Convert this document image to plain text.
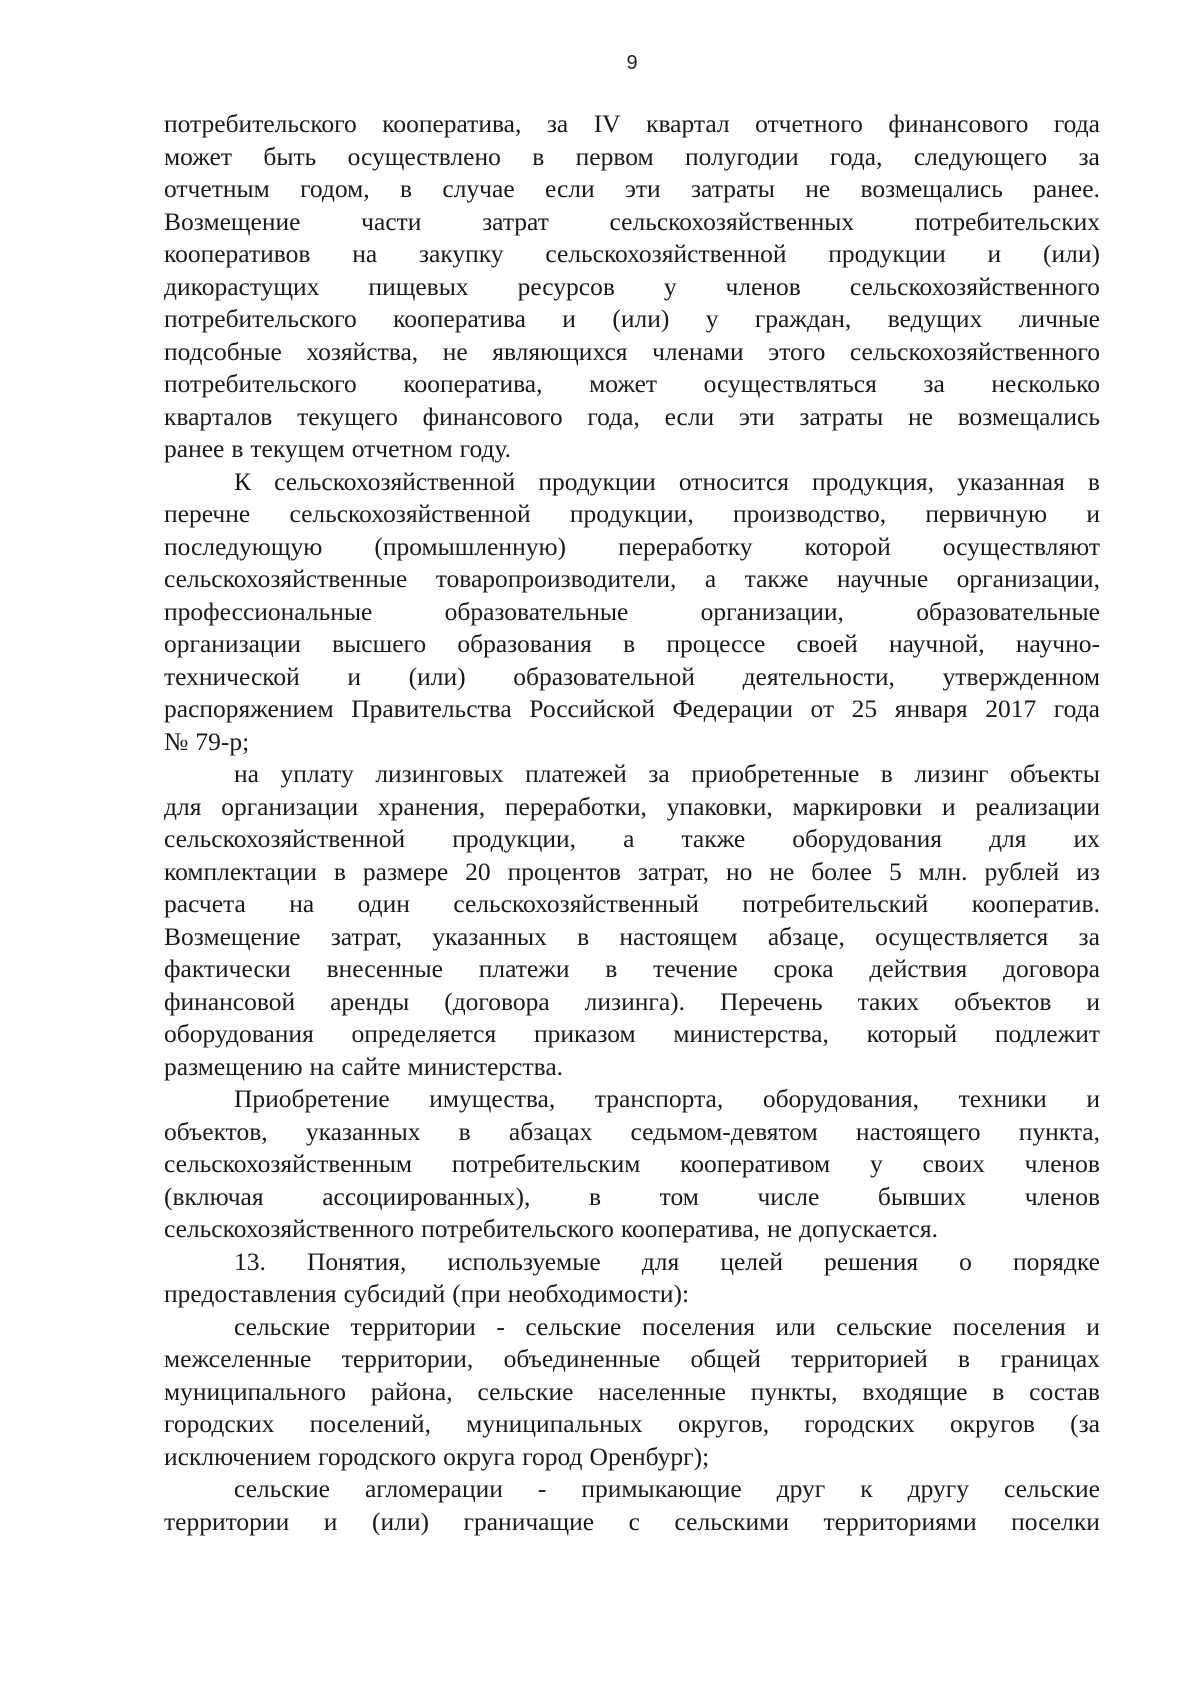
9
потребительского кооператива, за IV квартал отчетного финансового года
может быть осуществлено в первом полугодии года, следующего за
отчетным годом, в случае если эти затраты не возмещались ранее.
Возмещение части затрат сельскохозяйственных потребительских
кооперативов на закупку сельскохозяйственной продукции и (или)
дикорастущих пищевых ресурсов у членов сельскохозяйственного
потребительского кооператива и (или) у граждан, ведущих личные
подсобные хозяйства, не являющихся членами этого сельскохозяйственного
потребительского кооператива, может осуществляться за несколько
кварталов текущего финансового года, если эти затраты не возмещались
ранее в текущем отчетном году.
К сельскохозяйственной продукции относится продукция, указанная в
перечне сельскохозяйственной продукции, производство, первичную и
последующую (промышленную) переработку которой осуществляют
сельскохозяйственные товаропроизводители, а также научные организации,
профессиональные	образовательные	организации,	образовательные
организации высшего образования в процессе своей научной, научно-
технической и (или) образовательной деятельности, утвержденном
распоряжением Правительства Российской Федерации от 25 января 2017 года
№ 79-р;
на уплату лизинговых платежей за приобретенные в лизинг объекты
для организации хранения, переработки, упаковки, маркировки и реализации
сельскохозяйственной продукции, а также оборудования для их
комплектации в размере 20 процентов затрат, но не более 5 млн. рублей из
расчета на один сельскохозяйственный потребительский кооператив.
Возмещение затрат, указанных в настоящем абзаце, осуществляется за
фактически внесенные платежи в течение срока действия договора
финансовой аренды (договора лизинга). Перечень таких объектов и
оборудования определяется приказом министерства, который подлежит
размещению на сайте министерства.
Приобретение имущества, транспорта, оборудования, техники и
объектов, указанных в абзацах седьмом-девятом настоящего пункта,
сельскохозяйственным потребительским кооперативом у своих членов
(включая ассоциированных), в том числе бывших членов
сельскохозяйственного потребительского кооператива, не допускается.
13. Понятия, используемые для целей решения о порядке
предоставления субсидий (при необходимости):
сельские территории - сельские поселения или сельские поселения и
межселенные территории, объединенные общей территорией в границах
муниципального района, сельские населенные пункты, входящие в состав
городских поселений, муниципальных округов, городских округов (за
исключением городского округа город Оренбург);
сельские агломерации - примыкающие друг к другу сельские
территории и (или) граничащие с сельскими территориями поселки
